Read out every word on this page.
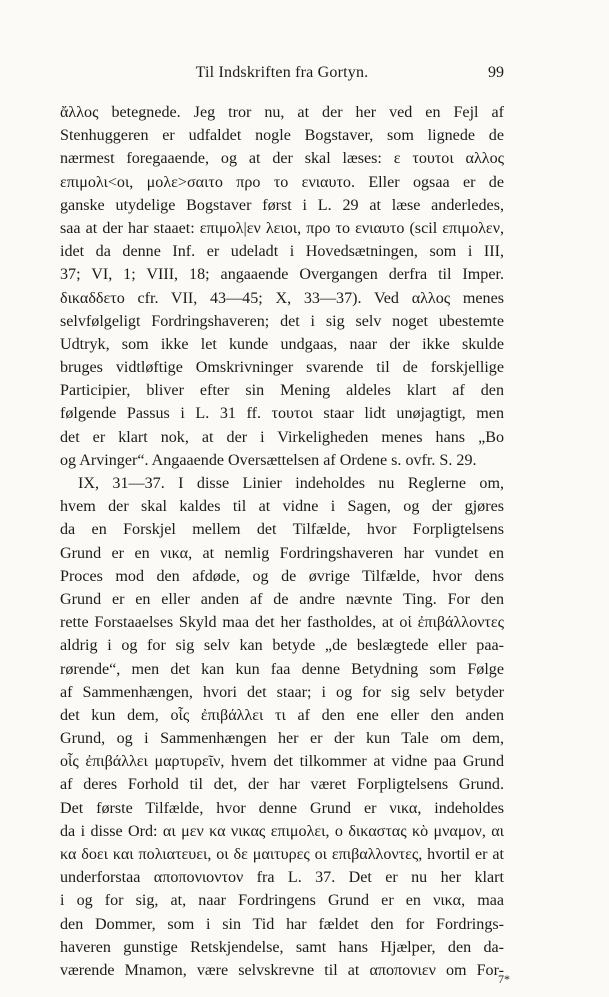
Til Indskriften fra Gortyn.	99
ἄλλος betegnede. Jeg tror nu, at der her ved en Fejl af
Stenhuggeren er udfaldet nogle Bogstaver, som lignede de
nærmest foregaaende, og at der skal læses: ε τουτοι αλλος
επιμολι<οι, μολε>σαιτο προ το ενιαυτο. Eller ogsaa er de
ganske utydelige Bogstaver først i L. 29 at læse anderledes,
saa at der har staaet: επιμολ|εν λειοι, προ το ενιαυτο (scil επιμολεν,
idet da denne Inf. er udeladt i Hovedsætningen, som i III,
37; VI, 1; VIII, 18; angaaende Overgangen derfra til Imper.
δικαδδετο cfr. VII, 43—45; X, 33—37). Ved αλλος menes
selvfølgeligt Fordringshaveren; det i sig selv noget ubestemte
Udtryk, som ikke let kunde undgaas, naar der ikke skulde
bruges vidtløftige Omskrivninger svarende til de forskjellige
Participier, bliver efter sin Mening aldeles klart af den
følgende Passus i L. 31 ff. τουτοι staar lidt unøjagtigt, men
det er klart nok, at der i Virkeligheden menes hans „Bo
og Arvinger“. Angaaende Oversættelsen af Ordene s. ovfr. S. 29.
IX, 31—37. I disse Linier indeholdes nu Reglerne om,
hvem der skal kaldes til at vidne i Sagen, og der gjøres
da en Forskjel mellem det Tilfælde, hvor Forpligtelsens
Grund er en νικα, at nemlig Fordringshaveren har vundet en
Proces mod den afdøde, og de øvrige Tilfælde, hvor dens
Grund er en eller anden af de andre nævnte Ting. For den
rette Forstaaelses Skyld maa det her fastholdes, at οἱ ἐπιβάλλοντες
aldrig i og for sig selv kan betyde „de beslægtede eller paa-
rørende“, men det kan kun faa denne Betydning som Følge
af Sammenhængen, hvori det staar; i og for sig selv betyder
det kun dem, οἷς ἐπιβάλλει τι af den ene eller den anden
Grund, og i Sammenhængen her er der kun Tale om dem,
οἷς ἐπιβάλλει μαρτυρεῖν, hvem det tilkommer at vidne paa Grund
af deres Forhold til det, der har været Forpligtelsens Grund.
Det første Tilfælde, hvor denne Grund er νικα, indeholdes
da i disse Ord: αι μεν κα νικας επιμολει, ο δικαστας κὸ μναμον, αι
κα δοει και πολιατευει, οι δε μαιτυρες οι επιβαλλοντες, hvortil er at
underforstaa αποπονιοντον fra L. 37. Det er nu her klart
i og for sig, at, naar Fordringens Grund er en νικα, maa
den Dommer, som i sin Tid har fældet den for Fordrings-
haveren gunstige Retskjendelse, samt hans Hjælper, den da-
værende Mnamon, være selvskrevne til at αποπονιεν om For-
7*
